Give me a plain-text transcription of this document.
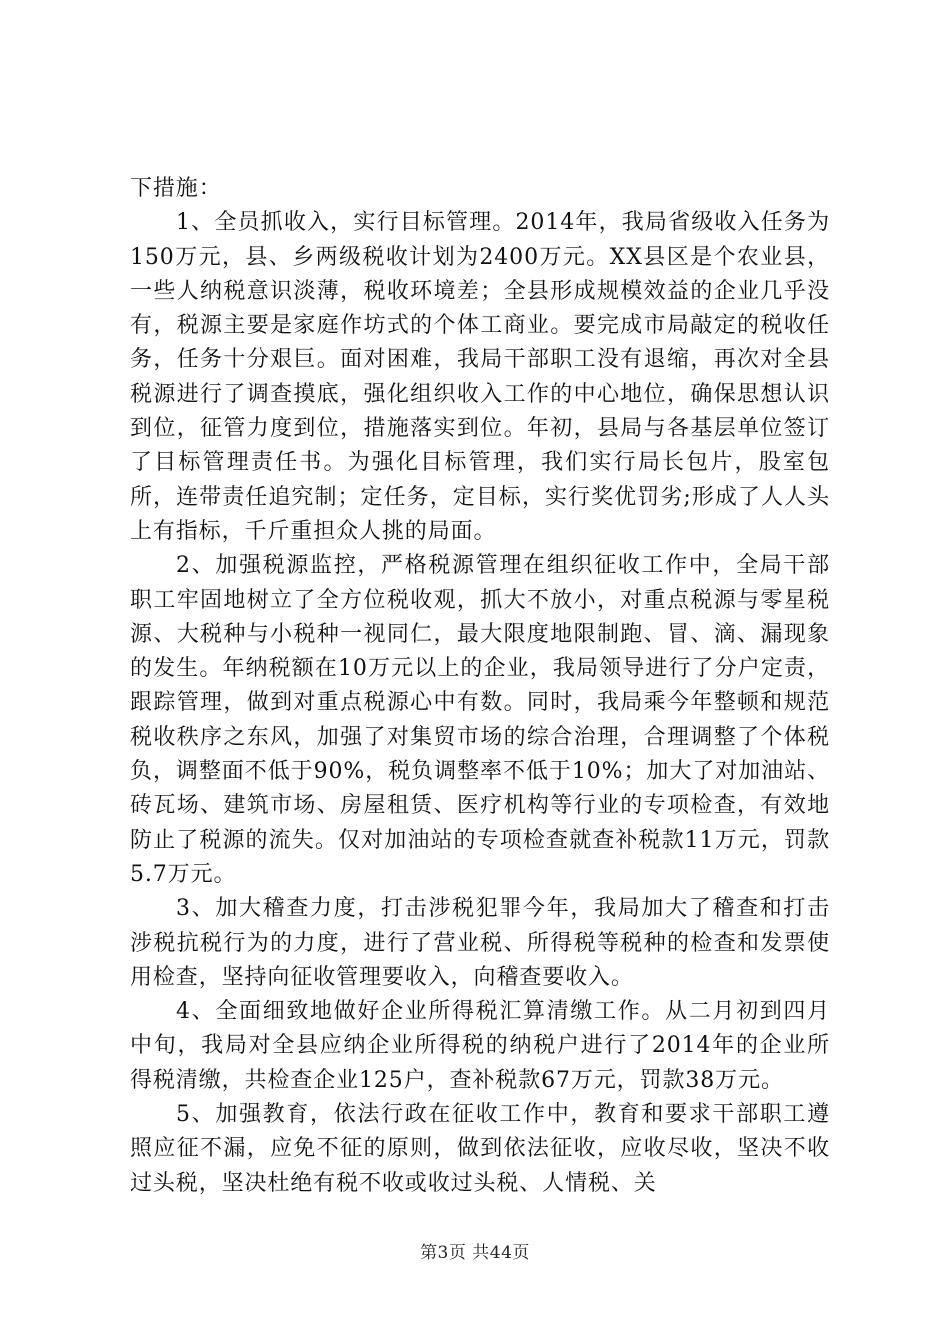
下措施：

1、全员抓收入，实行目标管理。2014年，我局省级收入任务为150万元，县、乡两级税收计划为2400万元。XX县区是个农业县，一些人纳税意识淡薄，税收环境差；全县形成规模效益的企业几乎没有，税源主要是家庭作坊式的个体工商业。要完成市局敲定的税收任务，任务十分艰巨。面对困难，我局干部职工没有退缩，再次对全县税源进行了调查摸底，强化组织收入工作的中心地位，确保思想认识到位，征管力度到位，措施落实到位。年初，县局与各基层单位签订了目标管理责任书。为强化目标管理，我们实行局长包片，股室包所，连带责任追究制；定任务，定目标，实行奖优罚劣;形成了人人头上有指标，千斤重担众人挑的局面。

2、加强税源监控，严格税源管理在组织征收工作中，全局干部职工牢固地树立了全方位税收观，抓大不放小，对重点税源与零星税源、大税种与小税种一视同仁，最大限度地限制跑、冒、滴、漏现象的发生。年纳税额在10万元以上的企业，我局领导进行了分户定责，跟踪管理，做到对重点税源心中有数。同时，我局乘今年整顿和规范税收秩序之东风，加强了对集贸市场的综合治理，合理调整了个体税负，调整面不低于90%，税负调整率不低于10%；加大了对加油站、砖瓦场、建筑市场、房屋租赁、医疗机构等行业的专项检查，有效地防止了税源的流失。仅对加油站的专项检查就查补税款11万元，罚款5.7万元。

3、加大稽查力度，打击涉税犯罪今年，我局加大了稽查和打击涉税抗税行为的力度，进行了营业税、所得税等税种的检查和发票使用检查，坚持向征收管理要收入，向稽查要收入。

4、全面细致地做好企业所得税汇算清缴工作。从二月初到四月中旬，我局对全县应纳企业所得税的纳税户进行了2014年的企业所得税清缴，共检查企业125户，查补税款67万元，罚款38万元。

5、加强教育，依法行政在征收工作中，教育和要求干部职工遵照应征不漏，应免不征的原则，做到依法征收，应收尽收，坚决不收过头税，坚决杜绝有税不收或收过头税、人情税、关

第3页 共44页
